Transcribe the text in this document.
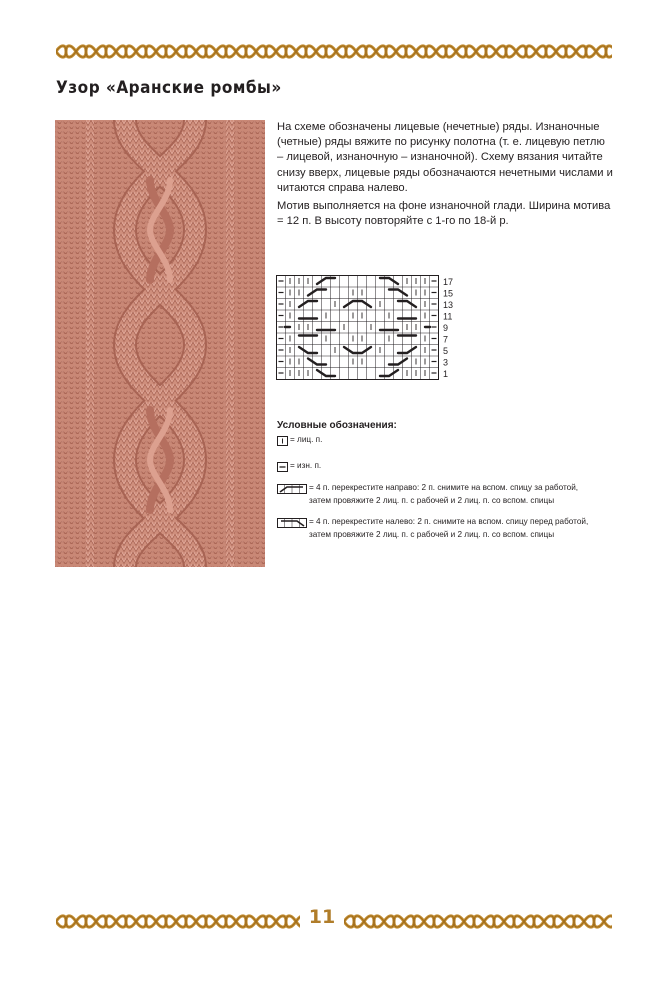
Узор «Аранские ромбы»

На схеме обозначены лицевые (нечетные) ряды. Изнаночные (четные) ряды вяжите по рисунку полотна (т. е. лицевую петлю – лицевой, изнаночную – изнаночной). Схему вязания читайте снизу вверх, лицевые ряды обозначаются нечетными числами и читаются справа налево.

Мотив выполняется на фоне изнаночной глади. Ширина мотива = 12 п. В высоту повторяйте с 1-го по 18-й р.

17
15
13
11
9
7
5
3
1
Условные обозначения:
= лиц. п.
= изн. п.
= 4 п. перекрестите направо: 2 п. снимите на вспом. спицу за работой, затем провяжите 2 лиц. п. с рабочей и 2 лиц. п. со вспом. спицы
= 4 п. перекрестите налево: 2 п. снимите на вспом. спицу перед работой, затем провяжите 2 лиц. п. с рабочей и 2 лиц. п. со вспом. спицы
11
